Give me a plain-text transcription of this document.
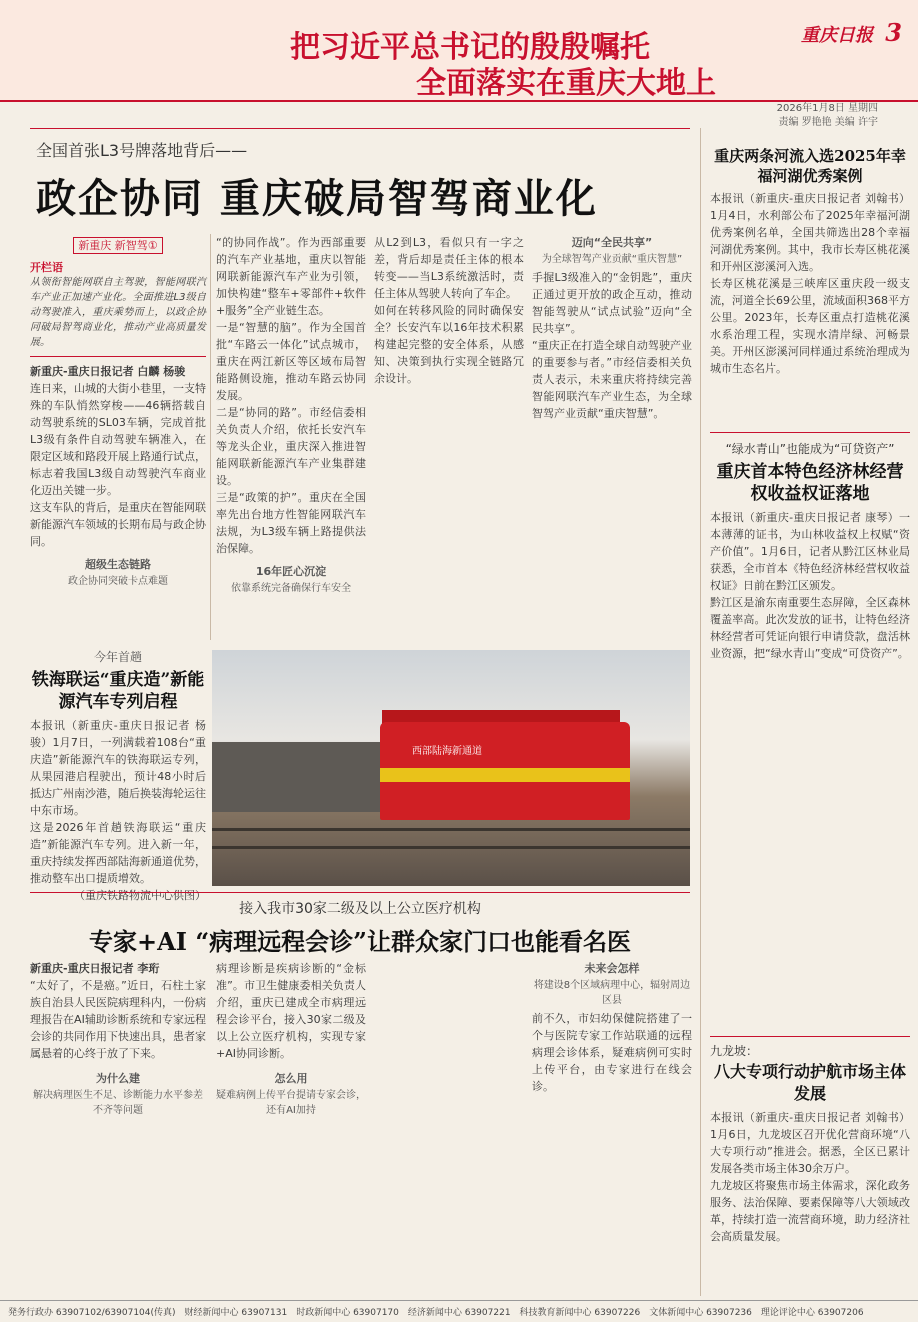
把习近平总书记的殷殷嘱托
全面落实在重庆大地上
重庆日报 3
2026年1月8日 星期四
责编 罗艳艳 美编 许宇
全国首张L3号牌落地背后——
政企协同 重庆破局智驾商业化
新重庆 新智驾①
开栏语
从领衔智能网联自主驾驶，智能网联汽车产业正加速产业化。全面推进L3级自动驾驶准入，重庆乘势而上，以政企协同破局智驾商业化，推动产业高质量发展。
新重庆-重庆日报记者 白麟 杨骏
连日来，山城的大街小巷里，一支特殊的车队悄然穿梭——46辆搭载自动驾驶系统的SL03车辆，完成首批L3级有条件自动驾驶车辆准入，在限定区域和路段开展上路通行试点，标志着我国L3级自动驾驶汽车商业化迈出关键一步。
这支车队的背后，是重庆在智能网联新能源汽车领域的长期布局与政企协同。
超级生态链路
政企协同突破卡点难题
“的协同作战”。作为西部重要的汽车产业基地，重庆以智能网联新能源汽车产业为引领，加快构建“整车+零部件+软件+服务”全产业链生态。
一是“智慧的脑”。作为全国首批“车路云一体化”试点城市，重庆在两江新区等区域布局智能路侧设施，推动车路云协同发展。
二是“协同的路”。市经信委相关负责人介绍，依托长安汽车等龙头企业，重庆深入推进智能网联新能源汽车产业集群建设。
三是“政策的护”。重庆在全国率先出台地方性智能网联汽车法规，为L3级车辆上路提供法治保障。
16年匠心沉淀
依靠系统完备确保行车安全
从L2到L3，看似只有一字之差，背后却是责任主体的根本转变——当L3系统激活时，责任主体从驾驶人转向了车企。
如何在转移风险的同时确保安全？长安汽车以16年技术积累构建起完整的安全体系，从感知、决策到执行实现全链路冗余设计。
迈向“全民共享”
为全球智驾产业贡献“重庆智慧”
手握L3级准入的“金钥匙”，重庆正通过更开放的政企互动，推动智能驾驶从“试点试验”迈向“全民共享”。
“重庆正在打造全球自动驾驶产业的重要参与者。”市经信委相关负责人表示，未来重庆将持续完善智能网联汽车产业生态，为全球智驾产业贡献“重庆智慧”。
今年首趟
铁海联运“重庆造”新能源汽车专列启程
本报讯（新重庆-重庆日报记者 杨骏）1月7日，一列满载着108台“重庆造”新能源汽车的铁海联运专列，从果园港启程驶出，预计48小时后抵达广州南沙港，随后换装海轮运往中东市场。
这是2026年首趟铁海联运“重庆造”新能源汽车专列。进入新一年，重庆持续发挥西部陆海新通道优势，推动整车出口提质增效。
（重庆铁路物流中心供图）
西部陆海新通道
接入我市30家二级及以上公立医疗机构
专家+AI “病理远程会诊”让群众家门口也能看名医
新重庆-重庆日报记者 李珩
“太好了，不是癌。”近日，石柱土家族自治县人民医院病理科内，一份病理报告在AI辅助诊断系统和专家远程会诊的共同作用下快速出具，患者家属悬着的心终于放了下来。
为什么建
解决病理医生不足、诊断能力水平参差不齐等问题
病理诊断是疾病诊断的“金标准”。市卫生健康委相关负责人介绍，重庆已建成全市病理远程会诊平台，接入30家二级及以上公立医疗机构，实现专家+AI协同诊断。
怎么用
疑难病例上传平台提请专家会诊，还有AI加持
未来会怎样
将建设8个区域病理中心，辐射周边区县
前不久，市妇幼保健院搭建了一个与医院专家工作站联通的远程病理会诊体系，疑难病例可实时上传平台，由专家进行在线会诊。
重庆两条河流入选2025年幸福河湖优秀案例
本报讯（新重庆-重庆日报记者 刘翰书）1月4日，水利部公布了2025年幸福河湖优秀案例名单，全国共筛选出28个幸福河湖优秀案例。其中，我市长寿区桃花溪和开州区澎溪河入选。
长寿区桃花溪是三峡库区重庆段一级支流，河道全长69公里，流域面积368平方公里。2023年，长寿区重点打造桃花溪水系治理工程，实现水清岸绿、河畅景美。开州区澎溪河同样通过系统治理成为城市生态名片。
“绿水青山”也能成为“可贷资产”
重庆首本特色经济林经营权收益权证落地
本报讯（新重庆-重庆日报记者 康琴）一本薄薄的证书，为山林收益权上权赋“资产价值”。1月6日，记者从黔江区林业局获悉，全市首本《特色经济林经营权收益权证》日前在黔江区颁发。
黔江区是渝东南重要生态屏障，全区森林覆盖率高。此次发放的证书，让特色经济林经营者可凭证向银行申请贷款，盘活林业资源，把“绿水青山”变成“可贷资产”。
九龙坡：
八大专项行动护航市场主体发展
本报讯（新重庆-重庆日报记者 刘翰书）1月6日，九龙坡区召开优化营商环境“八大专项行动”推进会。据悉，全区已累计发展各类市场主体30余万户。
九龙坡区将聚焦市场主体需求，深化政务服务、法治保障、要素保障等八大领域改革，持续打造一流营商环境，助力经济社会高质量发展。
発务行政办 63907102/63907104(传真)　财经新闻中心 63907131　时政新闻中心 63907170　经济新闻中心 63907221　科技教育新闻中心 63907226　文体新闻中心 63907236　理论评论中心 63907206
